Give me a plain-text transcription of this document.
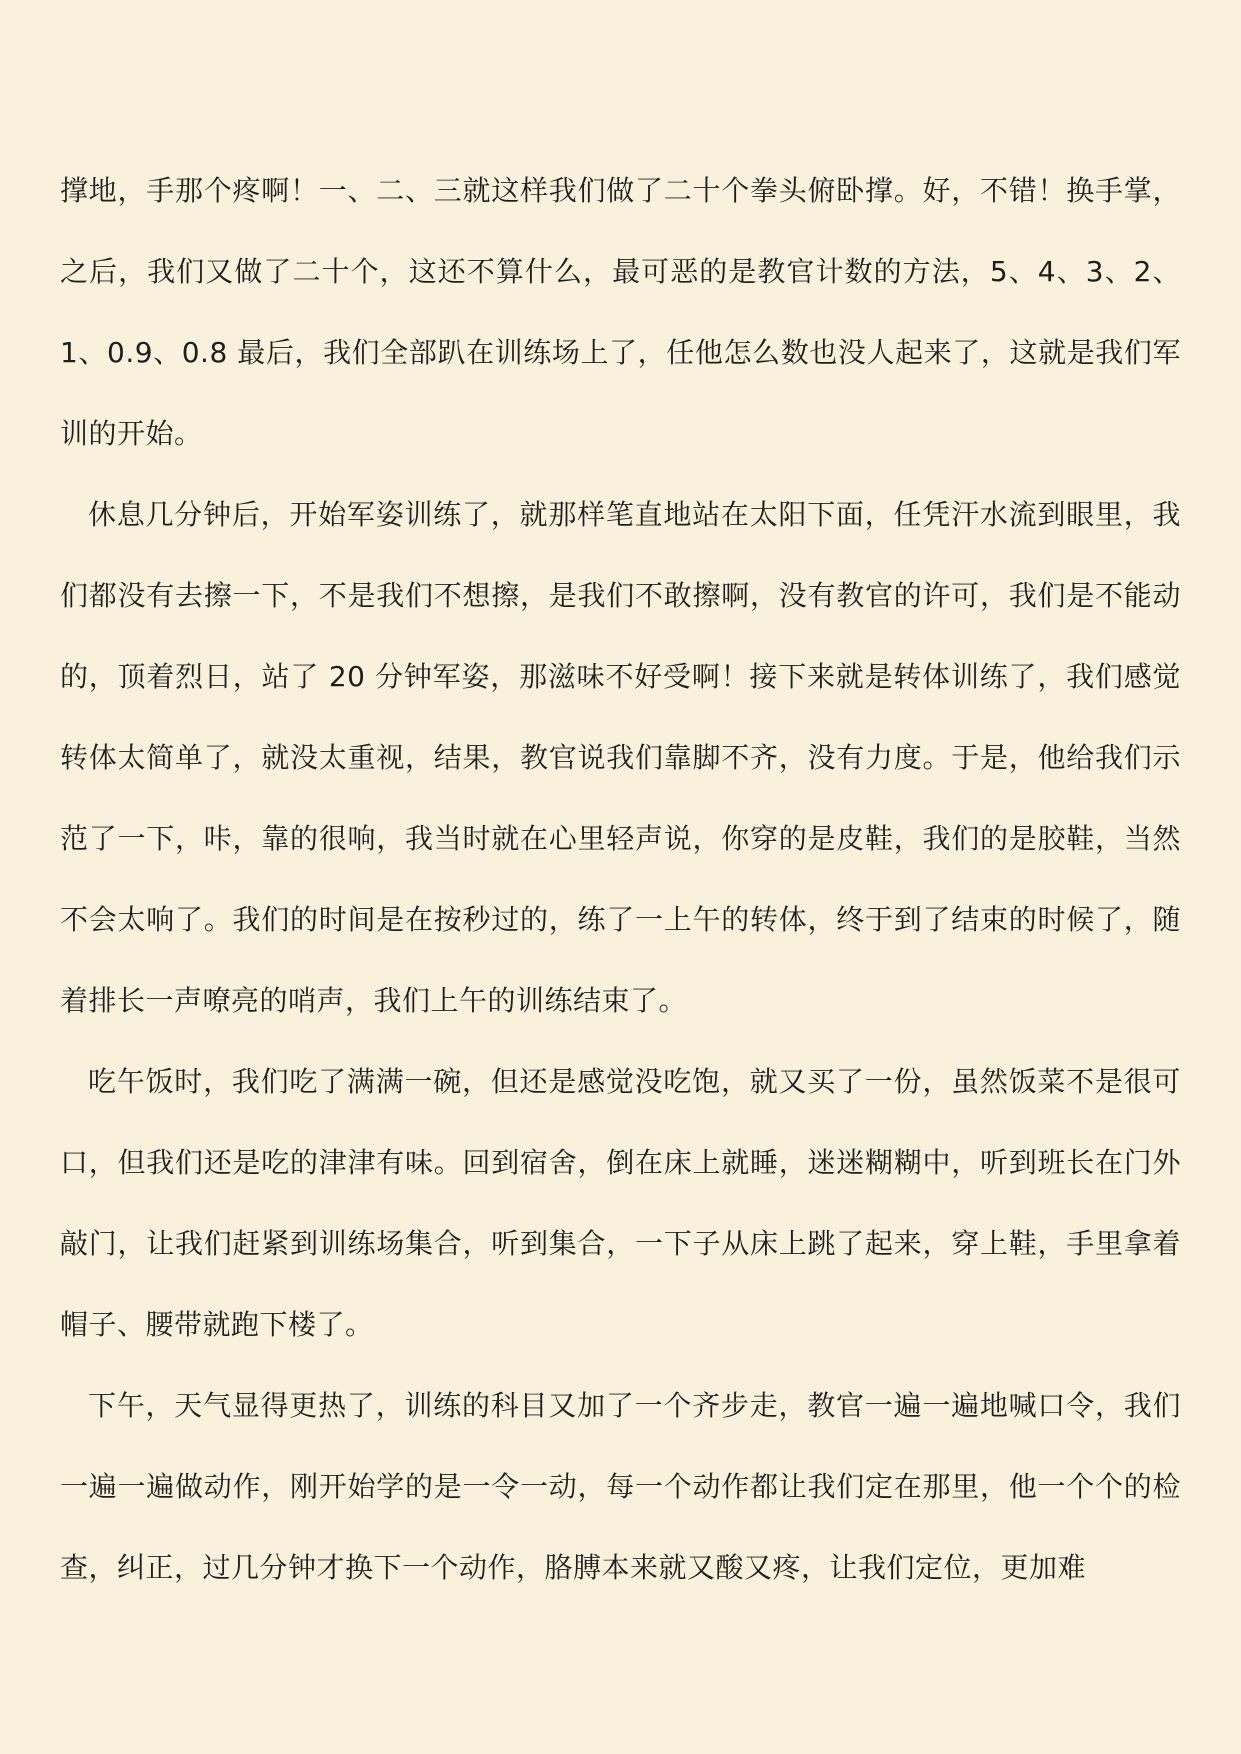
撑地，手那个疼啊！一、二、三就这样我们做了二十个拳头俯卧撑。好，不错！换手掌，之后，我们又做了二十个，这还不算什么，最可恶的是教官计数的方法，5、4、3、2、1、0.9、0.8 最后，我们全部趴在训练场上了，任他怎么数也没人起来了，这就是我们军训的开始。

休息几分钟后，开始军姿训练了，就那样笔直地站在太阳下面，任凭汗水流到眼里，我们都没有去擦一下，不是我们不想擦，是我们不敢擦啊，没有教官的许可，我们是不能动的，顶着烈日，站了 20 分钟军姿，那滋味不好受啊！接下来就是转体训练了，我们感觉转体太简单了，就没太重视，结果，教官说我们靠脚不齐，没有力度。于是，他给我们示范了一下，咔，靠的很响，我当时就在心里轻声说，你穿的是皮鞋，我们的是胶鞋，当然不会太响了。我们的时间是在按秒过的，练了一上午的转体，终于到了结束的时候了，随着排长一声嘹亮的哨声，我们上午的训练结束了。

吃午饭时，我们吃了满满一碗，但还是感觉没吃饱，就又买了一份，虽然饭菜不是很可口，但我们还是吃的津津有味。回到宿舍，倒在床上就睡，迷迷糊糊中，听到班长在门外敲门，让我们赶紧到训练场集合，听到集合，一下子从床上跳了起来，穿上鞋，手里拿着帽子、腰带就跑下楼了。

下午，天气显得更热了，训练的科目又加了一个齐步走，教官一遍一遍地喊口令，我们一遍一遍做动作，刚开始学的是一令一动，每一个动作都让我们定在那里，他一个个的检查，纠正，过几分钟才换下一个动作，胳膊本来就又酸又疼，让我们定位，更加难
